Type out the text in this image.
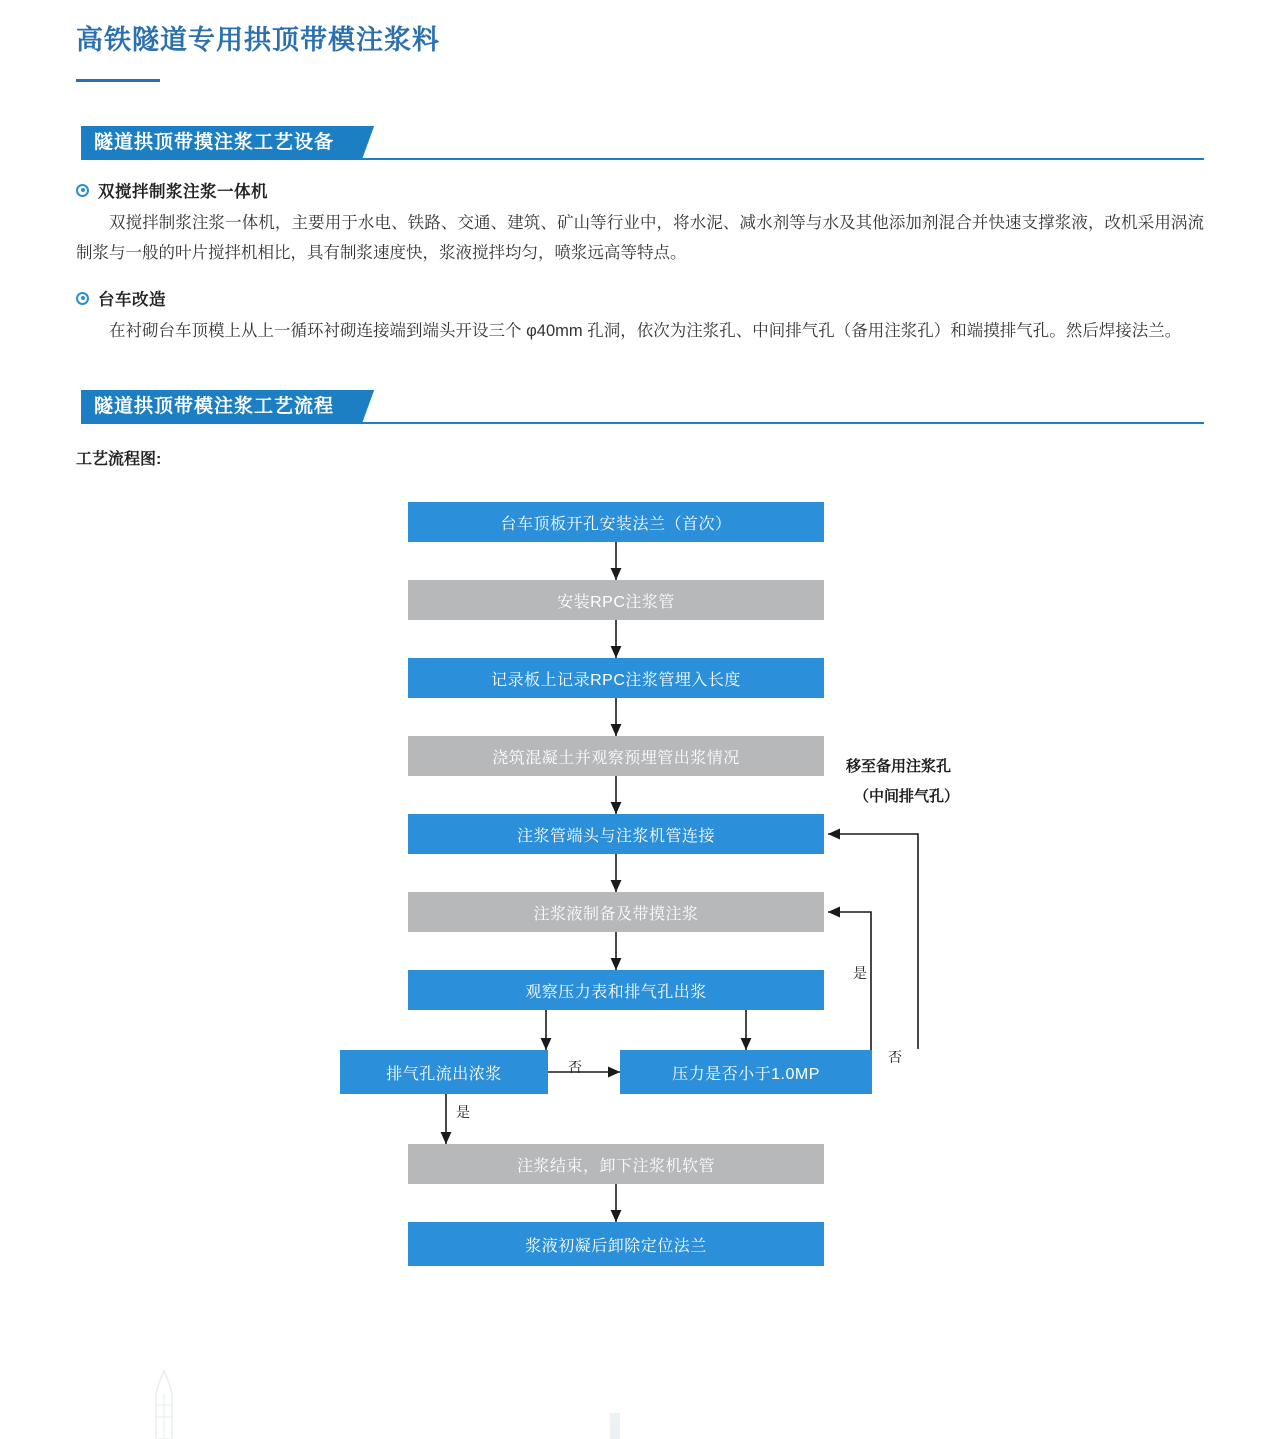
高铁隧道专用拱顶带模注浆料
隧道拱顶带摸注浆工艺设备
双搅拌制浆注浆一体机

双搅拌制浆注浆一体机，主要用于水电、铁路、交通、建筑、矿山等行业中，将水泥、减水剂等与水及其他添加剂混合并快速支撑浆液，改机采用涡流制浆与一般的叶片搅拌机相比，具有制浆速度快，浆液搅拌均匀，喷浆远高等特点。

台车改造

在衬砌台车顶模上从上一循环衬砌连接端到端头开设三个 φ40mm 孔洞，依次为注浆孔、中间排气孔（备用注浆孔）和端摸排气孔。然后焊接法兰。

隧道拱顶带模注浆工艺流程
工艺流程图:
台车顶板开孔安装法兰（首次）
安装RPC注浆管
记录板上记录RPC注浆管埋入长度
浇筑混凝土并观察预埋管出浆情况
注浆管端头与注浆机管连接
注浆液制备及带摸注浆
观察压力表和排气孔出浆
排气孔流出浓浆	压力是否小于1.0MP
注浆结束，卸下注浆机软管
浆液初凝后卸除定位法兰
移至备用注浆孔
（中间排气孔）
否
是
是
否
